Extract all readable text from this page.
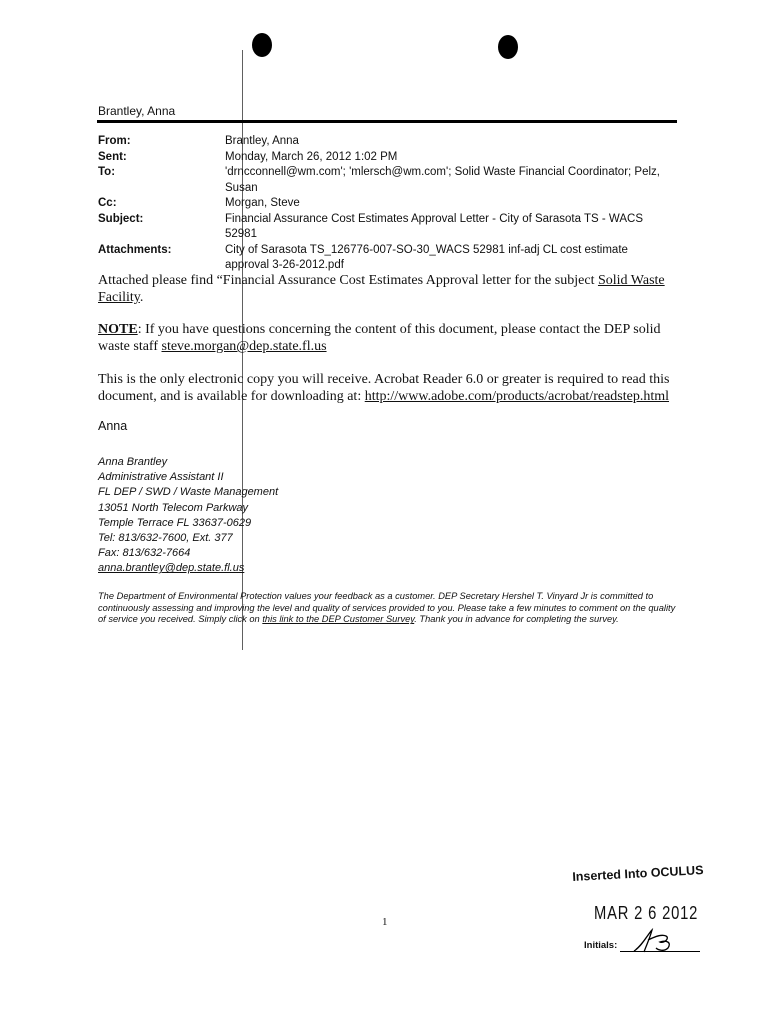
Brantley, Anna
From:	Brantley, Anna
Sent:	Monday, March 26, 2012 1:02 PM
To:	'drncconnell@wm.com'; 'mlersch@wm.com'; Solid Waste Financial Coordinator; Pelz, Susan
Cc:	Morgan, Steve
Subject:	Financial Assurance Cost Estimates Approval Letter - City of Sarasota TS - WACS 52981
Attachments:	City of Sarasota TS_126776-007-SO-30_WACS 52981 inf-adj CL cost estimate approval 3-26-2012.pdf
Attached please find “Financial Assurance Cost Estimates Approval letter for the subject Solid Waste Facility.
NOTE: If you have questions concerning the content of this document, please contact the DEP solid waste staff steve.morgan@dep.state.fl.us
This is the only electronic copy you will receive. Acrobat Reader 6.0 or greater is required to read this document, and is available for downloading at: http://www.adobe.com/products/acrobat/readstep.html
Anna
Anna Brantley
Administrative Assistant II
FL DEP / SWD / Waste Management
13051 North Telecom Parkway
Temple Terrace FL 33637-0629
Tel: 813/632-7600, Ext. 377
Fax: 813/632-7664
anna.brantley@dep.state.fl.us
The Department of Environmental Protection values your feedback as a customer. DEP Secretary Hershel T. Vinyard Jr is committed to continuously assessing and improving the level and quality of services provided to you. Please take a few minutes to comment on the quality of service you received. Simply click on this link to the DEP Customer Survey. Thank you in advance for completing the survey.
1
Inserted Into OCULUS
MAR 2 6 2012
Initials:
